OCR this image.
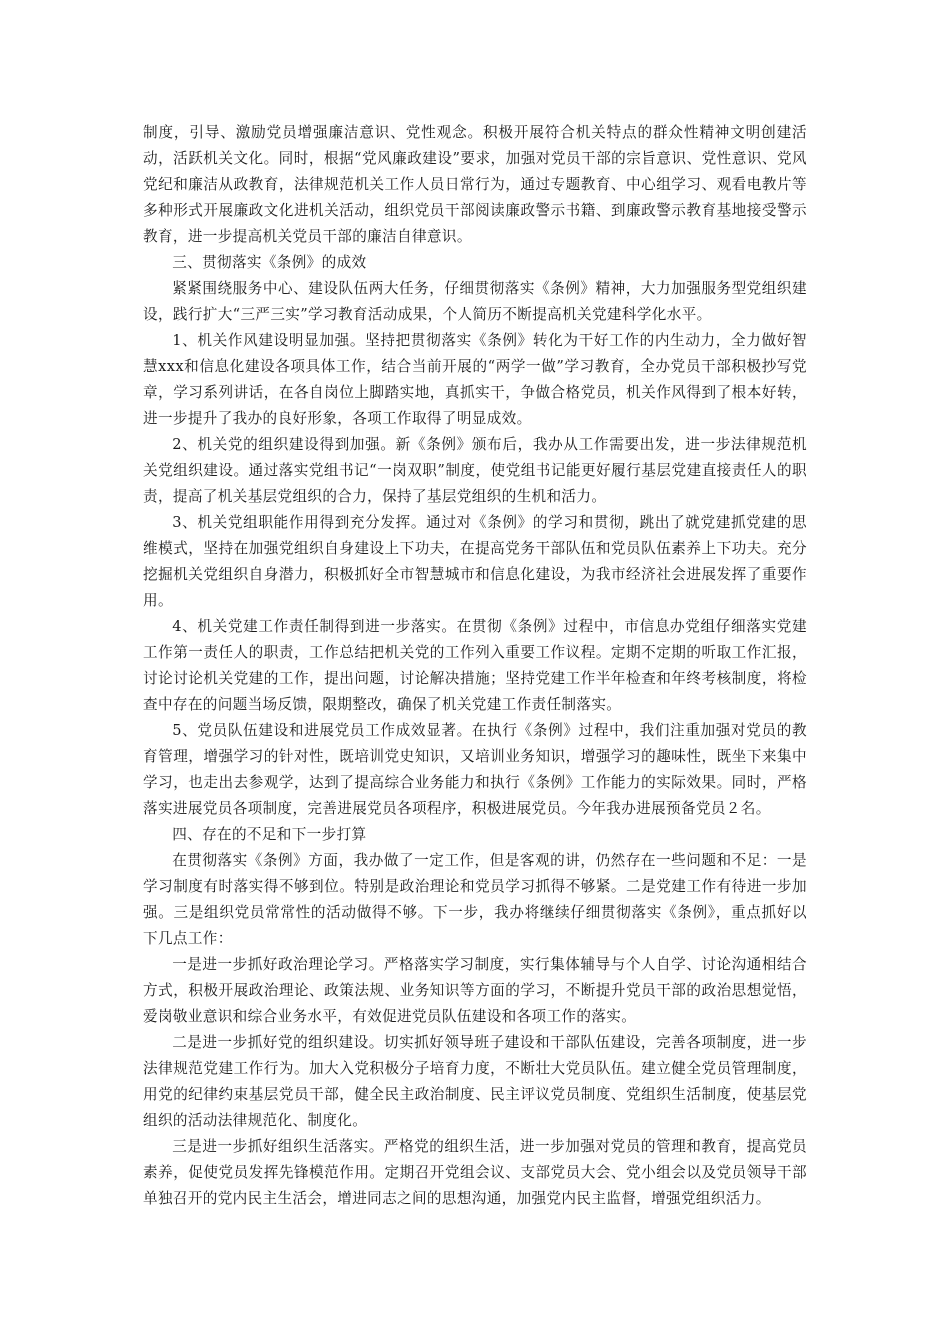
制度，引导、激励党员增强廉洁意识、党性观念。积极开展符合机关特点的群众性精神文明创建活动，活跃机关文化。同时，根据“党风廉政建设”要求，加强对党员干部的宗旨意识、党性意识、党风党纪和廉洁从政教育，法律规范机关工作人员日常行为，通过专题教育、中心组学习、观看电教片等多种形式开展廉政文化进机关活动，组织党员干部阅读廉政警示书籍、到廉政警示教育基地接受警示教育，进一步提高机关党员干部的廉洁自律意识。

三、贯彻落实《条例》的成效

紧紧围绕服务中心、建设队伍两大任务，仔细贯彻落实《条例》精神，大力加强服务型党组织建设，践行扩大“三严三实”学习教育活动成果，个人简历不断提高机关党建科学化水平。

1、机关作风建设明显加强。坚持把贯彻落实《条例》转化为干好工作的内生动力，全力做好智慧xxx和信息化建设各项具体工作，结合当前开展的“两学一做”学习教育，全办党员干部积极抄写党章，学习系列讲话，在各自岗位上脚踏实地，真抓实干，争做合格党员，机关作风得到了根本好转，进一步提升了我办的良好形象，各项工作取得了明显成效。

2、机关党的组织建设得到加强。新《条例》颁布后，我办从工作需要出发，进一步法律规范机关党组织建设。通过落实党组书记“一岗双职”制度，使党组书记能更好履行基层党建直接责任人的职责，提高了机关基层党组织的合力，保持了基层党组织的生机和活力。

3、机关党组职能作用得到充分发挥。通过对《条例》的学习和贯彻，跳出了就党建抓党建的思维模式，坚持在加强党组织自身建设上下功夫，在提高党务干部队伍和党员队伍素养上下功夫。充分挖掘机关党组织自身潜力，积极抓好全市智慧城市和信息化建设，为我市经济社会进展发挥了重要作用。

4、机关党建工作责任制得到进一步落实。在贯彻《条例》过程中，市信息办党组仔细落实党建工作第一责任人的职责，工作总结把机关党的工作列入重要工作议程。定期不定期的听取工作汇报，讨论讨论机关党建的工作，提出问题，讨论解决措施；坚持党建工作半年检查和年终考核制度，将检查中存在的问题当场反馈，限期整改，确保了机关党建工作责任制落实。

5、党员队伍建设和进展党员工作成效显著。在执行《条例》过程中，我们注重加强对党员的教育管理，增强学习的针对性，既培训党史知识，又培训业务知识，增强学习的趣味性，既坐下来集中学习，也走出去参观学，达到了提高综合业务能力和执行《条例》工作能力的实际效果。同时，严格落实进展党员各项制度，完善进展党员各项程序，积极进展党员。今年我办进展预备党员２名。

四、存在的不足和下一步打算

在贯彻落实《条例》方面，我办做了一定工作，但是客观的讲，仍然存在一些问题和不足：一是学习制度有时落实得不够到位。特别是政治理论和党员学习抓得不够紧。二是党建工作有待进一步加强。三是组织党员常常性的活动做得不够。下一步，我办将继续仔细贯彻落实《条例》，重点抓好以下几点工作：

一是进一步抓好政治理论学习。严格落实学习制度，实行集体辅导与个人自学、讨论沟通相结合方式，积极开展政治理论、政策法规、业务知识等方面的学习，不断提升党员干部的政治思想觉悟，爱岗敬业意识和综合业务水平，有效促进党员队伍建设和各项工作的落实。

二是进一步抓好党的组织建设。切实抓好领导班子建设和干部队伍建设，完善各项制度，进一步法律规范党建工作行为。加大入党积极分子培育力度，不断壮大党员队伍。建立健全党员管理制度，用党的纪律约束基层党员干部，健全民主政治制度、民主评议党员制度、党组织生活制度，使基层党组织的活动法律规范化、制度化。

三是进一步抓好组织生活落实。严格党的组织生活，进一步加强对党员的管理和教育，提高党员素养，促使党员发挥先锋模范作用。定期召开党组会议、支部党员大会、党小组会以及党员领导干部单独召开的党内民主生活会，增进同志之间的思想沟通，加强党内民主监督，增强党组织活力。
